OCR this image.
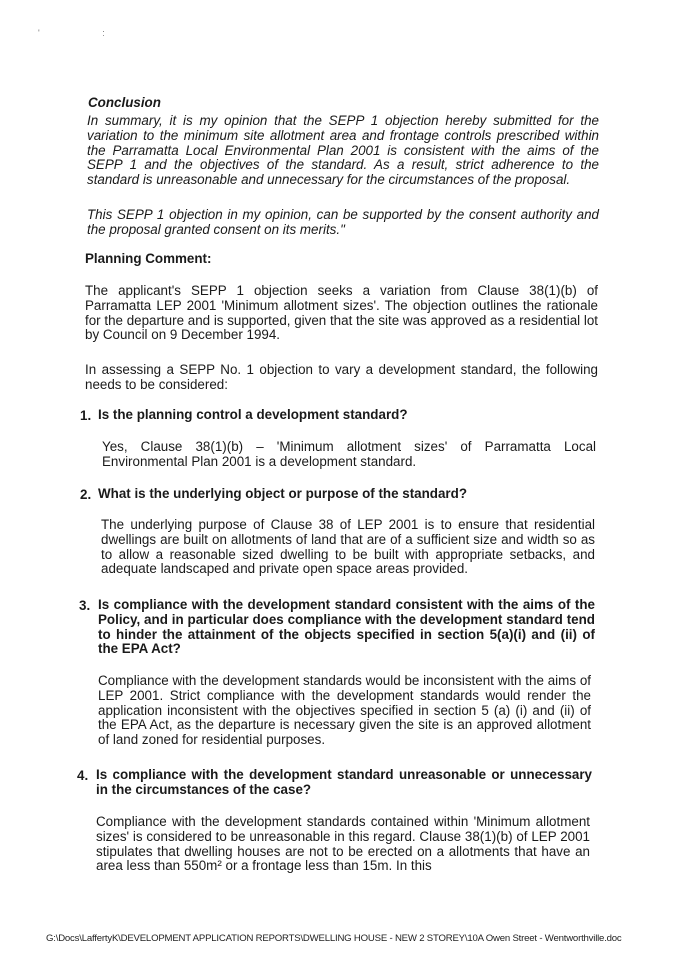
' :
Conclusion
In summary, it is my opinion that the SEPP 1 objection hereby submitted for the variation to the minimum site allotment area and frontage controls prescribed within the Parramatta Local Environmental Plan 2001 is consistent with the aims of the SEPP 1 and the objectives of the standard. As a result, strict adherence to the standard is unreasonable and unnecessary for the circumstances of the proposal.
This SEPP 1 objection in my opinion, can be supported by the consent authority and the proposal granted consent on its merits."
Planning Comment:
The applicant's SEPP 1 objection seeks a variation from Clause 38(1)(b) of Parramatta LEP 2001 'Minimum allotment sizes'. The objection outlines the rationale for the departure and is supported, given that the site was approved as a residential lot by Council on 9 December 1994.
In assessing a SEPP No. 1 objection to vary a development standard, the following needs to be considered:
1. Is the planning control a development standard?
Yes, Clause 38(1)(b) – 'Minimum allotment sizes' of Parramatta Local Environmental Plan 2001 is a development standard.
2. What is the underlying object or purpose of the standard?
The underlying purpose of Clause 38 of LEP 2001 is to ensure that residential dwellings are built on allotments of land that are of a sufficient size and width so as to allow a reasonable sized dwelling to be built with appropriate setbacks, and adequate landscaped and private open space areas provided.
3. Is compliance with the development standard consistent with the aims of the Policy, and in particular does compliance with the development standard tend to hinder the attainment of the objects specified in section 5(a)(i) and (ii) of the EPA Act?
Compliance with the development standards would be inconsistent with the aims of LEP 2001. Strict compliance with the development standards would render the application inconsistent with the objectives specified in section 5 (a) (i) and (ii) of the EPA Act, as the departure is necessary given the site is an approved allotment of land zoned for residential purposes.
4. Is compliance with the development standard unreasonable or unnecessary in the circumstances of the case?
Compliance with the development standards contained within 'Minimum allotment sizes' is considered to be unreasonable in this regard. Clause 38(1)(b) of LEP 2001 stipulates that dwelling houses are not to be erected on a allotments that have an area less than 550m² or a frontage less than 15m. In this
G:\Docs\LaffertyK\DEVELOPMENT APPLICATION REPORTS\DWELLING HOUSE - NEW 2 STOREY\10A Owen Street - Wentworthville.doc
